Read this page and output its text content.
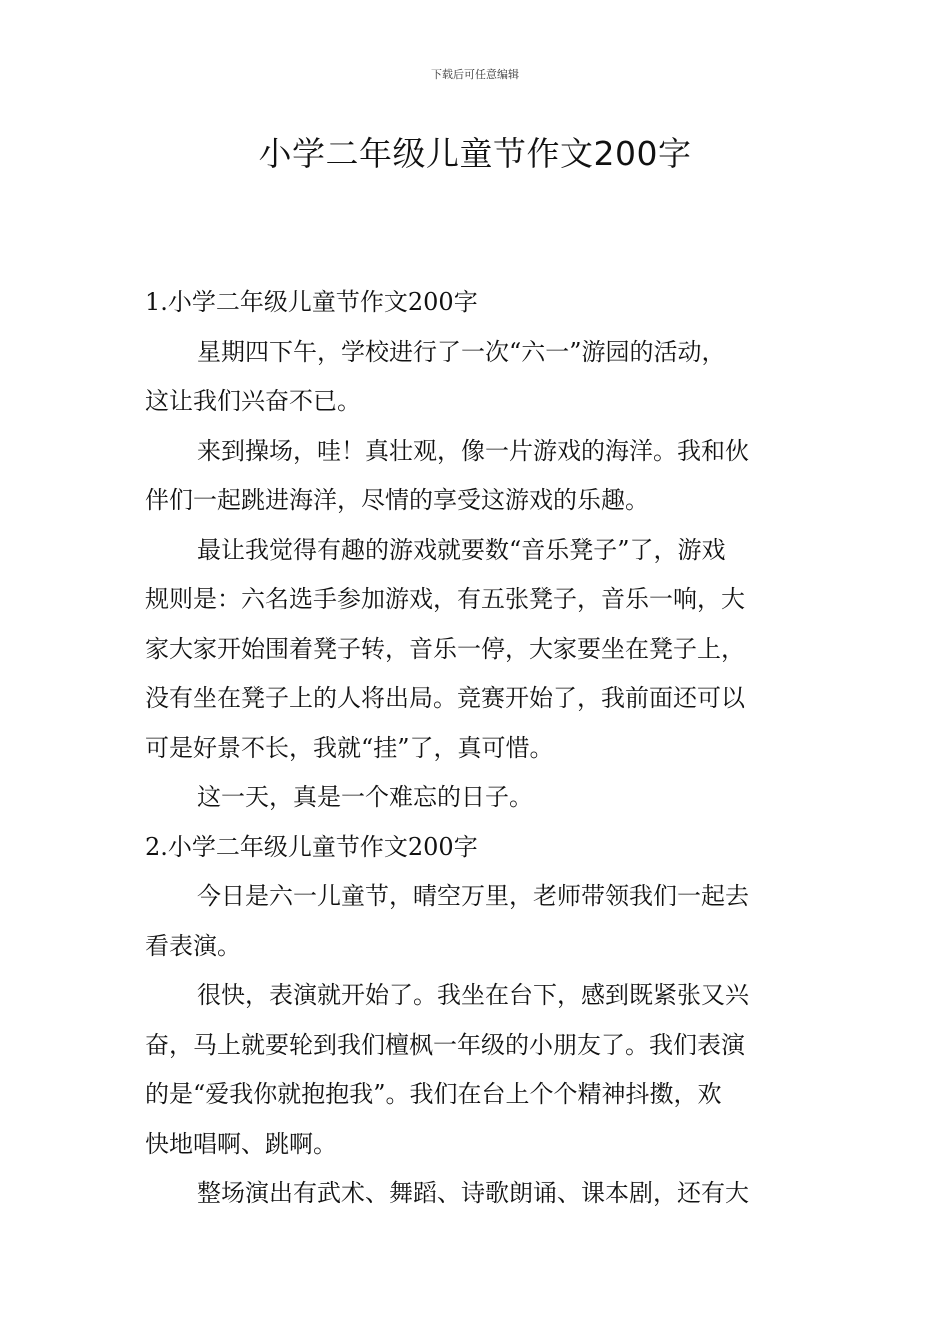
下载后可任意编辑
小学二年级儿童节作文200字
1.小学二年级儿童节作文200字
星期四下午，学校进行了一次“六一”游园的活动，
这让我们兴奋不已。
来到操场，哇！真壮观，像一片游戏的海洋。我和伙
伴们一起跳进海洋，尽情的享受这游戏的乐趣。
最让我觉得有趣的游戏就要数“音乐凳子”了，游戏
规则是：六名选手参加游戏，有五张凳子，音乐一响，大
家大家开始围着凳子转，音乐一停，大家要坐在凳子上，
没有坐在凳子上的人将出局。竞赛开始了，我前面还可以
可是好景不长，我就“挂”了，真可惜。
这一天，真是一个难忘的日子。
2.小学二年级儿童节作文200字
今日是六一儿童节，晴空万里，老师带领我们一起去
看表演。
很快，表演就开始了。我坐在台下，感到既紧张又兴
奋，马上就要轮到我们檀枫一年级的小朋友了。我们表演
的是“爱我你就抱抱我”。我们在台上个个精神抖擞，欢
快地唱啊、跳啊。
整场演出有武术、舞蹈、诗歌朗诵、课本剧，还有大
